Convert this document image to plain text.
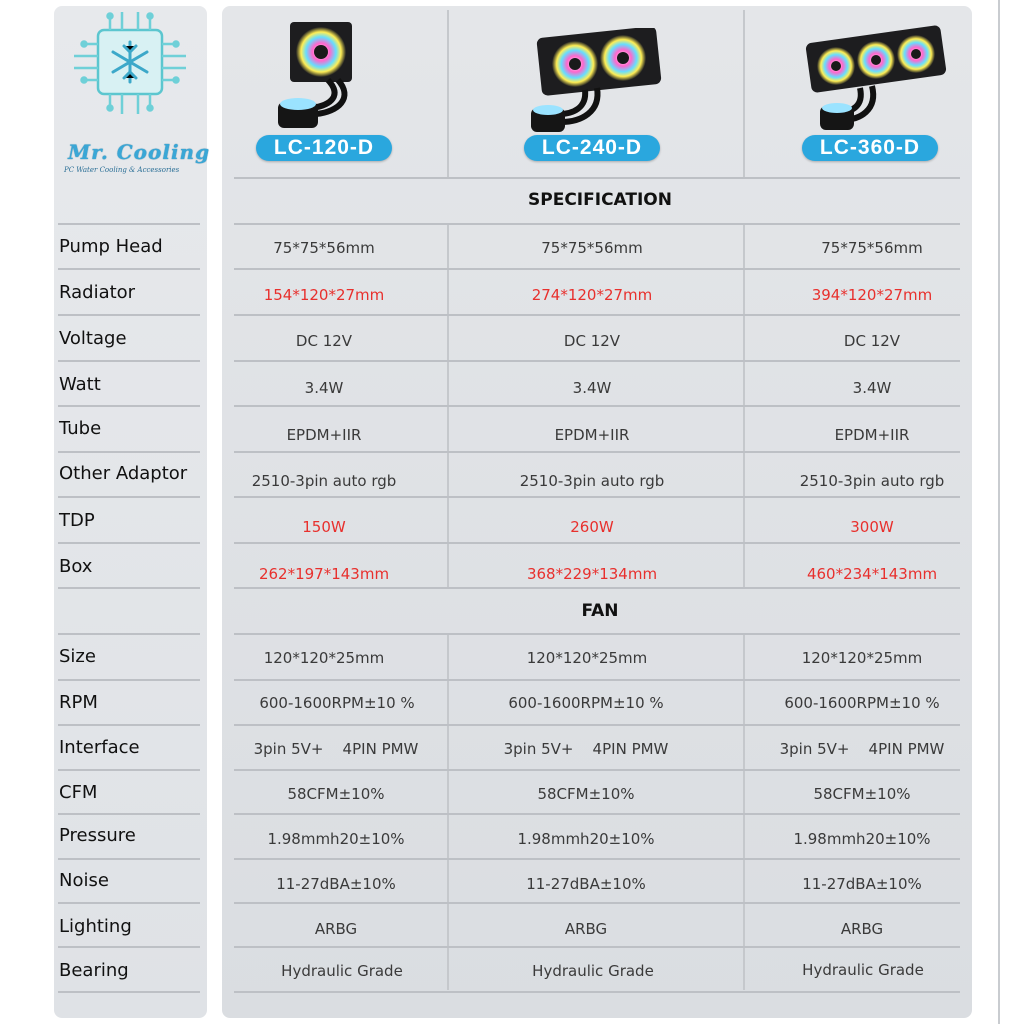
Mr. Cooling
PC Water Cooling & Accessories
LC-120-D	LC-240-D	LC-360-D
SPECIFICATION
FAN
Pump Head	75*75*56mm	75*75*56mm	75*75*56mm
Radiator	154*120*27mm	274*120*27mm	394*120*27mm
Voltage	DC 12V	DC 12V	DC 12V
Watt	3.4W	3.4W	3.4W
Tube	EPDM+IIR	EPDM+IIR	EPDM+IIR
Other Adaptor	2510-3pin auto rgb	2510-3pin auto rgb	2510-3pin auto rgb
TDP	150W	260W	300W
Box	262*197*143mm	368*229*134mm	460*234*143mm
Size	120*120*25mm	120*120*25mm	120*120*25mm
RPM	600-1600RPM±10 %	600-1600RPM±10 %	600-1600RPM±10 %
Interface	3pin 5V+    4PIN PMW	3pin 5V+    4PIN PMW	3pin 5V+    4PIN PMW
CFM	58CFM±10%	58CFM±10%	58CFM±10%
Pressure	1.98mmh20±10%	1.98mmh20±10%	1.98mmh20±10%
Noise	11-27dBA±10%	11-27dBA±10%	11-27dBA±10%
Lighting	ARBG	ARBG	ARBG
Bearing	Hydraulic Grade	Hydraulic Grade	Hydraulic Grade
